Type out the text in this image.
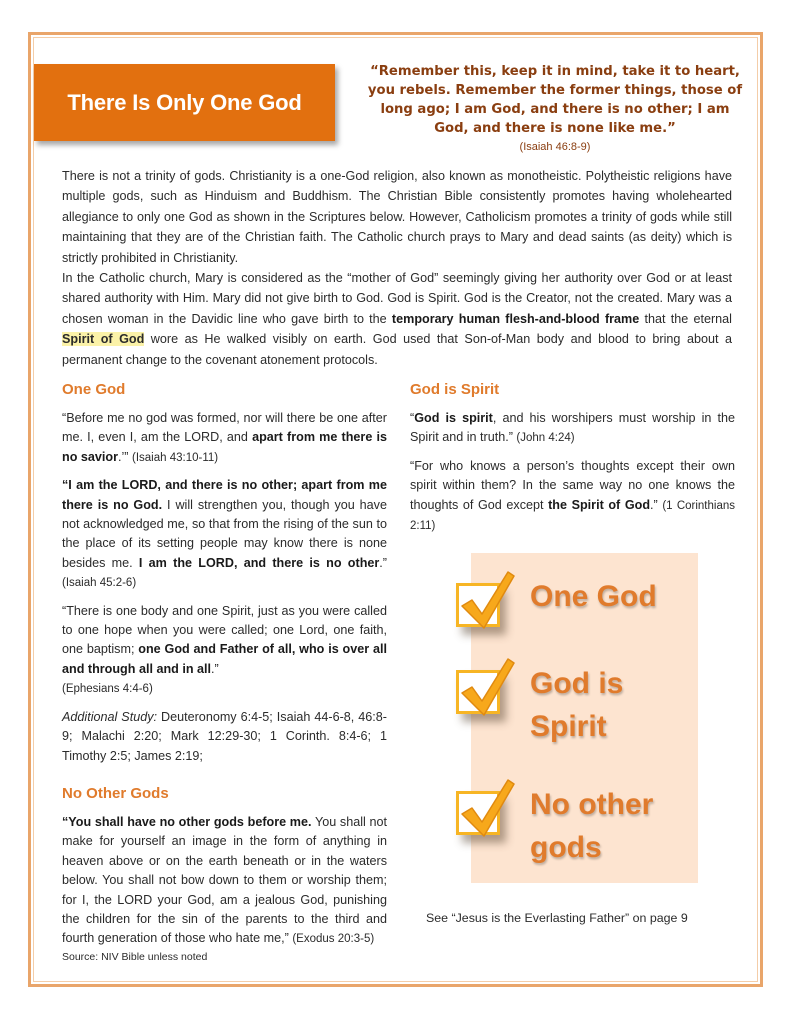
There Is Only One God
“Remember this, keep it in mind, take it to heart, you rebels. Remember the former things, those of long ago; I am God, and there is no other; I am God, and there is none like me.”
(Isaiah 46:8-9)

There is not a trinity of gods. Christianity is a one-God religion, also known as monotheistic. Polytheistic religions have multiple gods, such as Hinduism and Buddhism. The Christian Bible consistently promotes having wholehearted allegiance to only one God as shown in the Scriptures below. However, Catholicism promotes a trinity of gods while still maintaining that they are of the Christian faith. The Catholic church prays to Mary and dead saints (as deity) which is strictly prohibited in Christianity.

In the Catholic church, Mary is considered as the “mother of God” seemingly giving her authority over God or at least shared authority with Him. Mary did not give birth to God. God is Spirit. God is the Creator, not the created. Mary was a chosen woman in the Davidic line who gave birth to the temporary human flesh-and-blood frame that the eternal Spirit of God wore as He walked visibly on earth. God used that Son-of-Man body and blood to bring about a permanent change to the covenant atonement protocols.

One God

“Before me no god was formed, nor will there be one after me. I, even I, am the LORD, and apart from me there is no savior.’” (Isaiah 43:10-11)

“I am the LORD, and there is no other; apart from me there is no God. I will strengthen you, though you have not acknowledged me, so that from the rising of the sun to the place of its setting people may know there is none besides me. I am the LORD, and there is no other.” (Isaiah 45:2-6)

“There is one body and one Spirit, just as you were called to one hope when you were called; one Lord, one faith, one baptism; one God and Father of all, who is over all and through all and in all.”
(Ephesians 4:4-6)

Additional Study: Deuteronomy 6:4-5; Isaiah 44-6-8, 46:8-9; Malachi 2:20; Mark 12:29-30; 1 Corinth. 8:4-6; 1 Timothy 2:5; James 2:19;

No Other Gods

“You shall have no other gods before me. You shall not make for yourself an image in the form of anything in heaven above or on the earth beneath or in the waters below. You shall not bow down to them or worship them; for I, the LORD your God, am a jealous God, punishing the children for the sin of the parents to the third and fourth generation of those who hate me,” (Exodus 20:3-5)

God is Spirit

“God is spirit, and his worshipers must worship in the Spirit and in truth.” (John 4:24)

“For who knows a person’s thoughts except their own spirit within them? In the same way no one knows the thoughts of God except the Spirit of God.” (1 Corinthians 2:11)

One God
God is Spirit
No other gods
See “Jesus is the Everlasting Father” on page 9
Source: NIV Bible unless noted
